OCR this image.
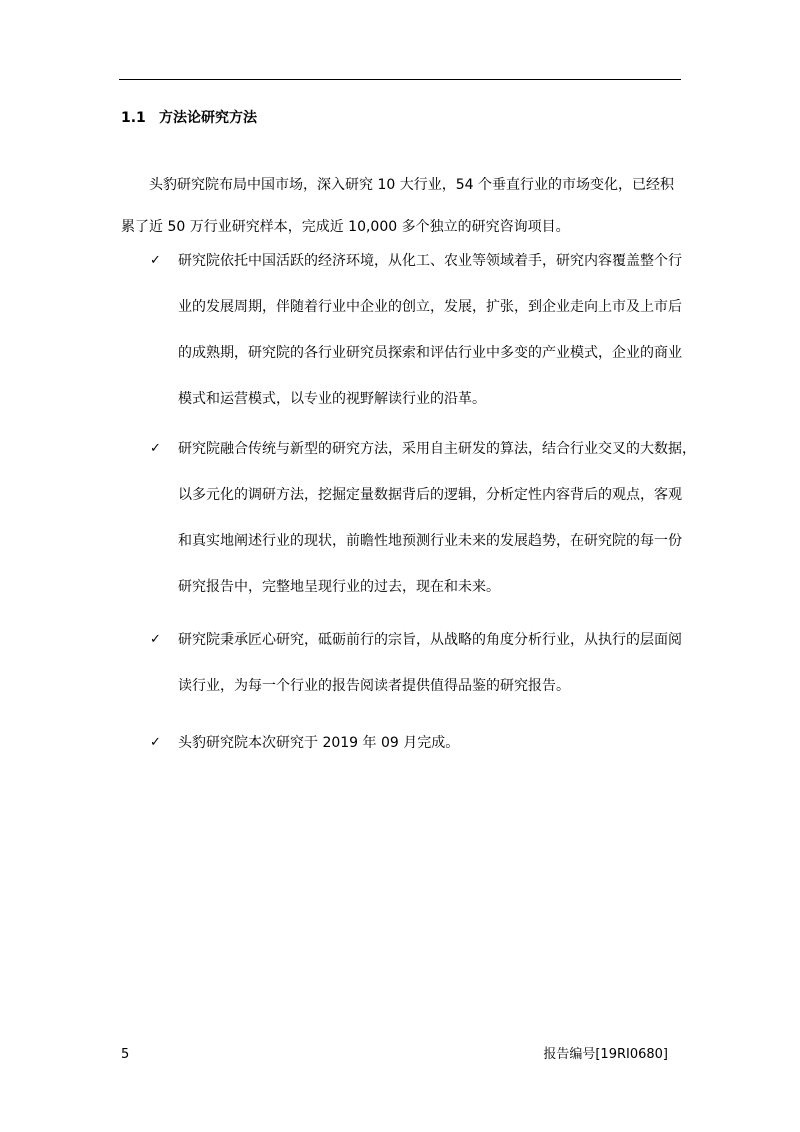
1.1 方法论研究方法
头豹研究院布局中国市场，深入研究 10 大行业，54 个垂直行业的市场变化，已经积
累了近 50 万行业研究样本，完成近 10,000 多个独立的研究咨询项目。
✓ 研究院依托中国活跃的经济环境，从化工、农业等领域着手，研究内容覆盖整个行
业的发展周期，伴随着行业中企业的创立，发展，扩张，到企业走向上市及上市后
的成熟期，研究院的各行业研究员探索和评估行业中多变的产业模式，企业的商业
模式和运营模式，以专业的视野解读行业的沿革。
✓ 研究院融合传统与新型的研究方法，采用自主研发的算法，结合行业交叉的大数据，
以多元化的调研方法，挖掘定量数据背后的逻辑，分析定性内容背后的观点，客观
和真实地阐述行业的现状，前瞻性地预测行业未来的发展趋势，在研究院的每一份
研究报告中，完整地呈现行业的过去，现在和未来。
✓ 研究院秉承匠心研究，砥砺前行的宗旨，从战略的角度分析行业，从执行的层面阅
读行业，为每一个行业的报告阅读者提供值得品鉴的研究报告。
✓ 头豹研究院本次研究于 2019 年 09 月完成。
5	报告编号[19RI0680]
